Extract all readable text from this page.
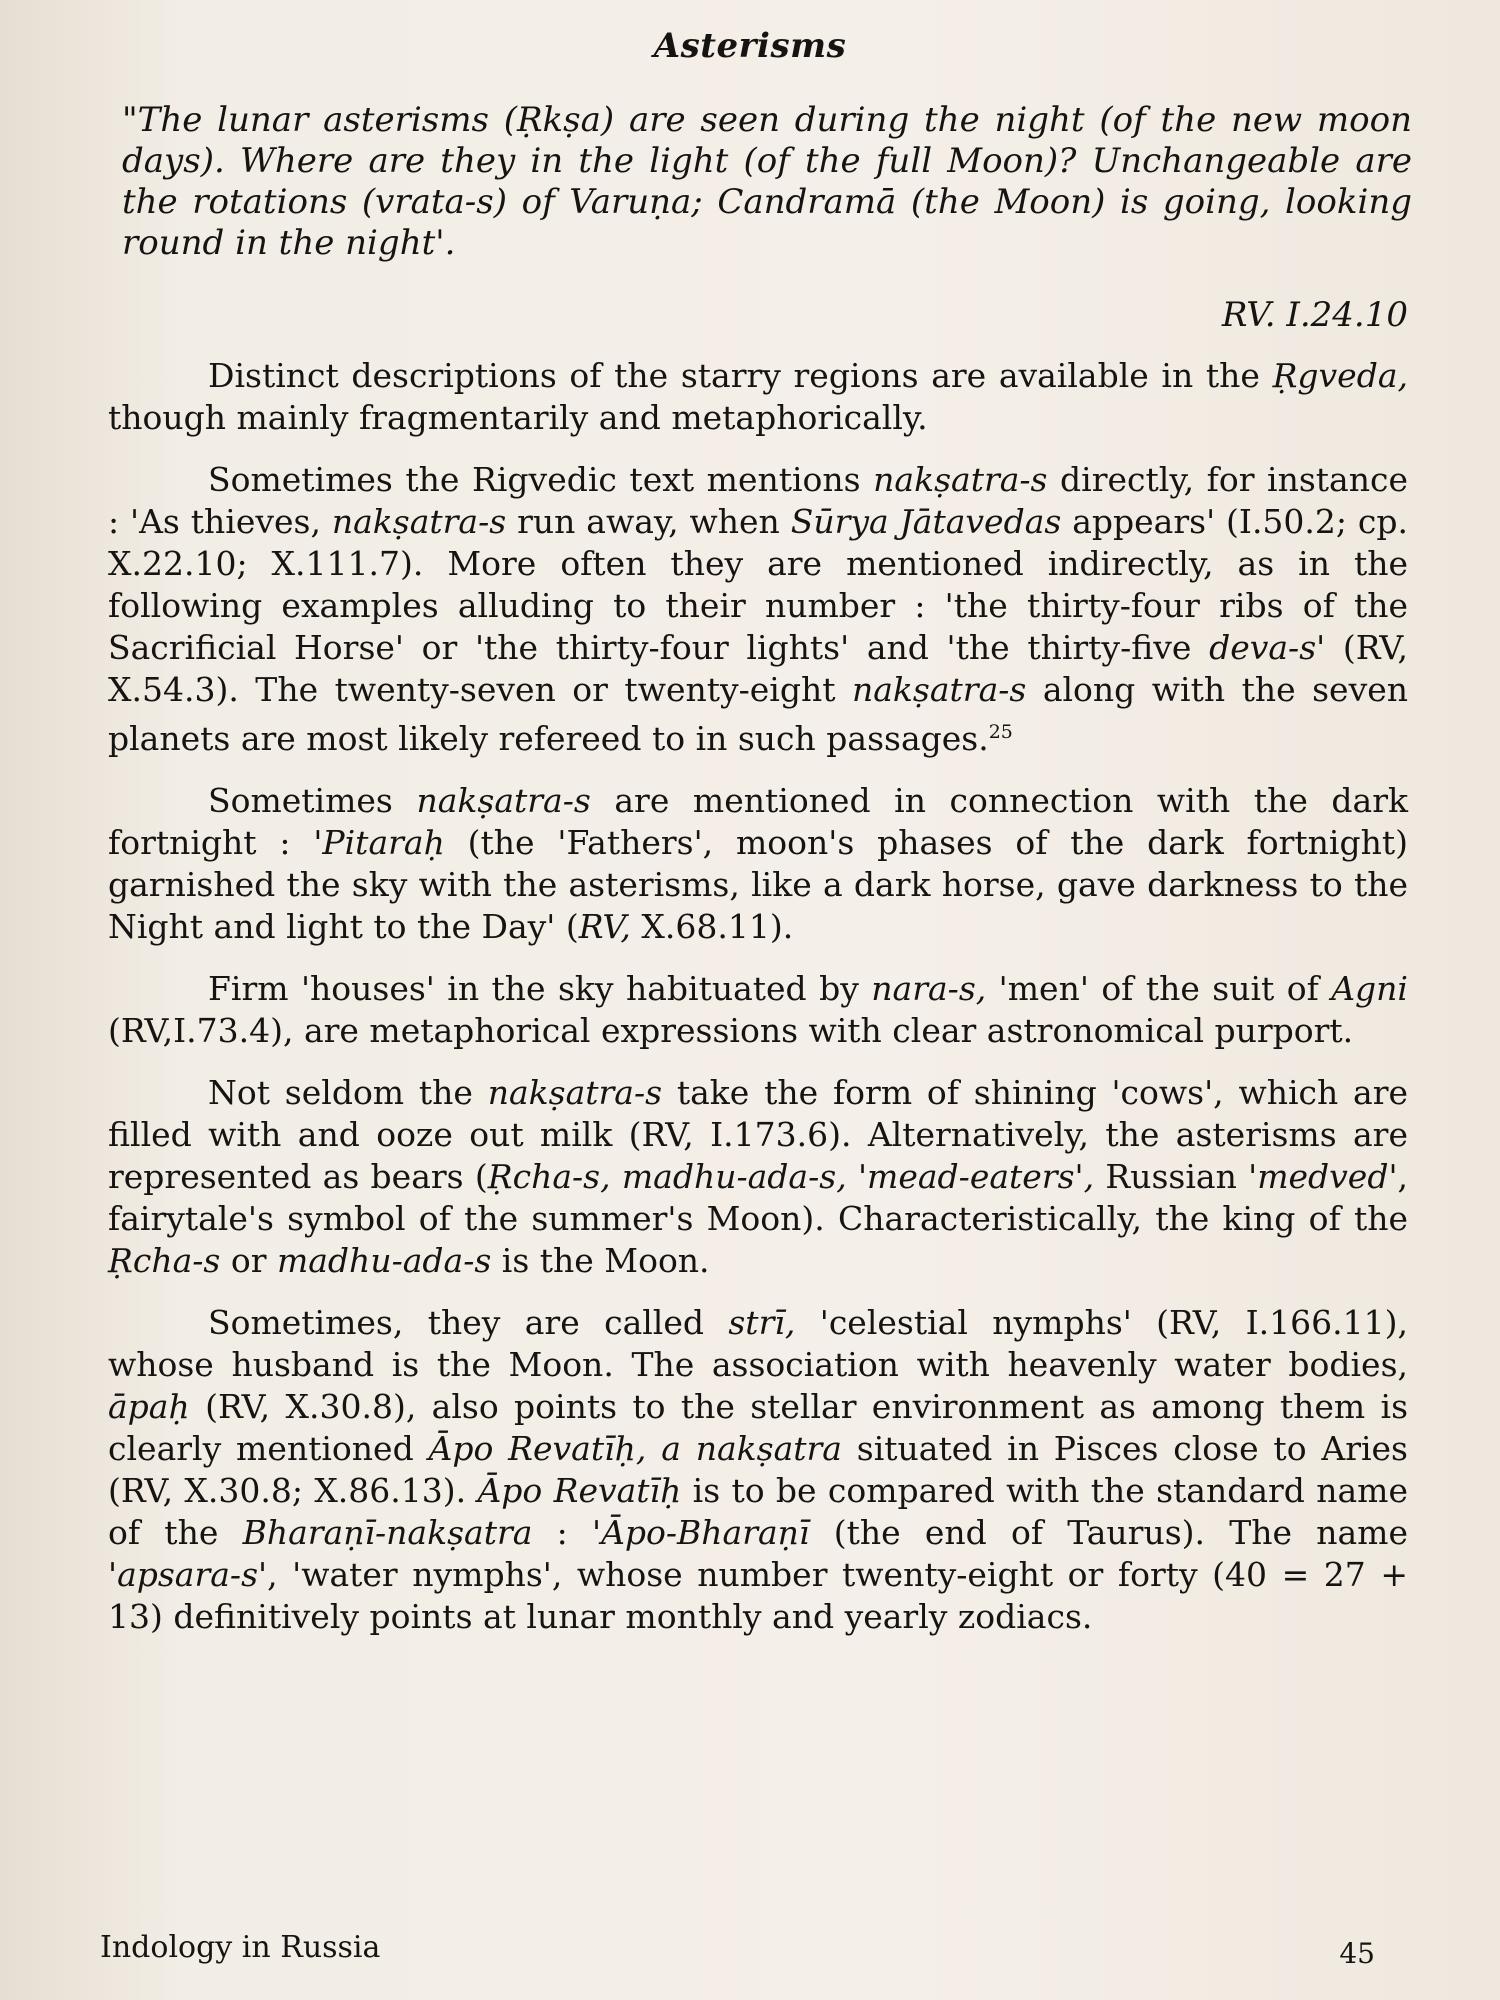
Asterisms
"The lunar asterisms (Ṛkṣa) are seen during the night (of the new moon days). Where are they in the light (of the full Moon)? Unchangeable are the rotations (vrata-s) of Varuṇa; Candramā (the Moon) is going, looking round in the night'.
RV. I.24.10

Distinct descriptions of the starry regions are available in the Ṛgveda, though mainly fragmentarily and metaphorically.

Sometimes the Rigvedic text mentions nakṣatra-s directly, for instance : 'As thieves, nakṣatra-s run away, when Sūrya Jātavedas appears' (I.50.2; cp. X.22.10; X.111.7). More often they are mentioned indirectly, as in the following examples alluding to their number : 'the thirty-four ribs of the Sacrificial Horse' or 'the thirty-four lights' and 'the thirty-five deva-s' (RV, X.54.3). The twenty-seven or twenty-eight nakṣatra-s along with the seven planets are most likely refereed to in such passages.$^{25}$

Sometimes nakṣatra-s are mentioned in connection with the dark fortnight : 'Pitaraḥ (the 'Fathers', moon's phases of the dark fortnight) garnished the sky with the asterisms, like a dark horse, gave darkness to the Night and light to the Day' (RV, X.68.11).

Firm 'houses' in the sky habituated by nara-s, 'men' of the suit of Agni (RV,I.73.4), are metaphorical expressions with clear astronomical purport.

Not seldom the nakṣatra-s take the form of shining 'cows', which are filled with and ooze out milk (RV, I.173.6). Alternatively, the asterisms are represented as bears (Ṛcha-s, madhu-ada-s, 'mead-eaters', Russian 'medved', fairytale's symbol of the summer's Moon). Characteristically, the king of the Ṛcha-s or madhu-ada-s is the Moon.

Sometimes, they are called strī, 'celestial nymphs' (RV, I.166.11), whose husband is the Moon. The association with heavenly water bodies, āpaḥ (RV, X.30.8), also points to the stellar environment as among them is clearly mentioned Āpo Revatīḥ, a nakṣatra situated in Pisces close to Aries (RV, X.30.8; X.86.13). Āpo Revatīḥ is to be compared with the standard name of the Bharaṇī-nakṣatra : 'Āpo-Bharaṇī (the end of Taurus). The name 'apsara-s', 'water nymphs', whose number twenty-eight or forty (40 = 27 + 13) definitively points at lunar monthly and yearly zodiacs.

Indology in Russia	45
